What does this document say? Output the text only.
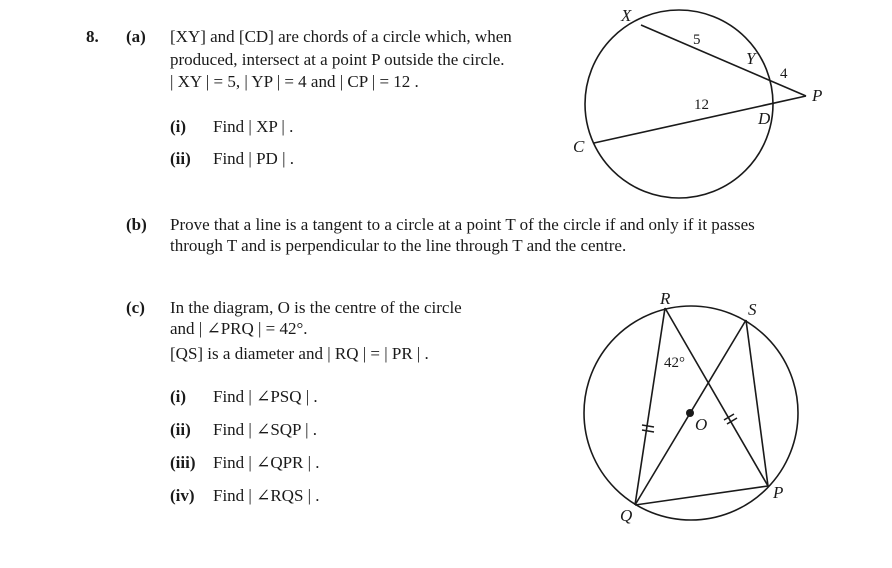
8. (a) [XY] and [CD] are chords of a circle which, when
produced, intersect at a point P outside the circle.
| XY | = 5, | YP | = 4 and | CP | = 12 .
(i) Find | XP | .
(ii) Find | PD | .
(b) Prove that a line is a tangent to a circle at a point T of the circle if and only if it passes
through T and is perpendicular to the line through T and the centre.
(c) In the diagram, O is the centre of the circle
and | ∠PRQ | = 42°.
[QS] is a diameter and | RQ | = | PR | .
(i) Find | ∠PSQ | .
(ii) Find | ∠SQP | .
(iii) Find | ∠QPR | .
(iv) Find | ∠RQS | .
X
Y
P
C
D
5
4
12
R
S
Q
P
O
42°
